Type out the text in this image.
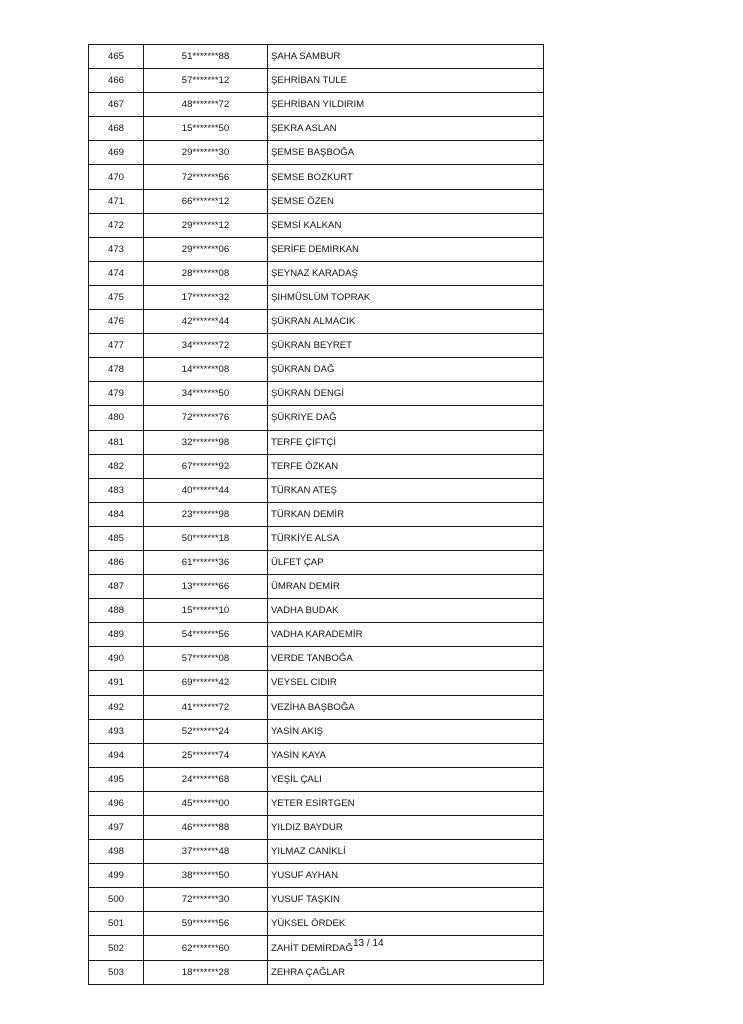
465	51*******88	ŞAHA SAMBUR
466	57*******12	ŞEHRİBAN TULE
467	48*******72	ŞEHRİBAN YILDIRIM
468	15*******50	ŞEKRA ASLAN
469	29*******30	ŞEMSE BAŞBOĞA
470	72*******56	ŞEMSE BOZKURT
471	66*******12	ŞEMSE ÖZEN
472	29*******12	ŞEMSİ KALKAN
473	29*******06	ŞERİFE DEMİRKAN
474	28*******08	ŞEYNAZ KARADAŞ
475	17*******32	ŞIHMÜSLÜM TOPRAK
476	42*******44	ŞÜKRAN ALMACIK
477	34*******72	ŞÜKRAN BEYRET
478	14*******08	ŞÜKRAN DAĞ
479	34*******50	ŞÜKRAN DENGİ
480	72*******76	ŞÜKRİYE DAĞ
481	32*******98	TERFE ÇİFTÇİ
482	67*******92	TERFE ÖZKAN
483	40*******44	TÜRKAN ATEŞ
484	23*******98	TÜRKAN DEMİR
485	50*******18	TÜRKİYE ALSA
486	61*******36	ÜLFET ÇAP
487	13*******66	ÜMRAN DEMİR
488	15*******10	VADHA BUDAK
489	54*******56	VADHA KARADEMİR
490	57*******08	VERDE TANBOĞA
491	69*******42	VEYSEL CIDIR
492	41*******72	VEZİHA BAŞBOĞA
493	52*******24	YASİN AKIŞ
494	25*******74	YASİN KAYA
495	24*******68	YEŞİL ÇALI
496	45*******00	YETER ESİRTGEN
497	46*******88	YILDIZ BAYDUR
498	37*******48	YILMAZ CANİKLİ
499	38*******50	YUSUF AYHAN
500	72*******30	YUSUF TAŞKIN
501	59*******56	YÜKSEL ÖRDEK
502	62*******60	ZAHİT DEMİRDAĞ
503	18*******28	ZEHRA ÇAĞLAR
13 / 14
